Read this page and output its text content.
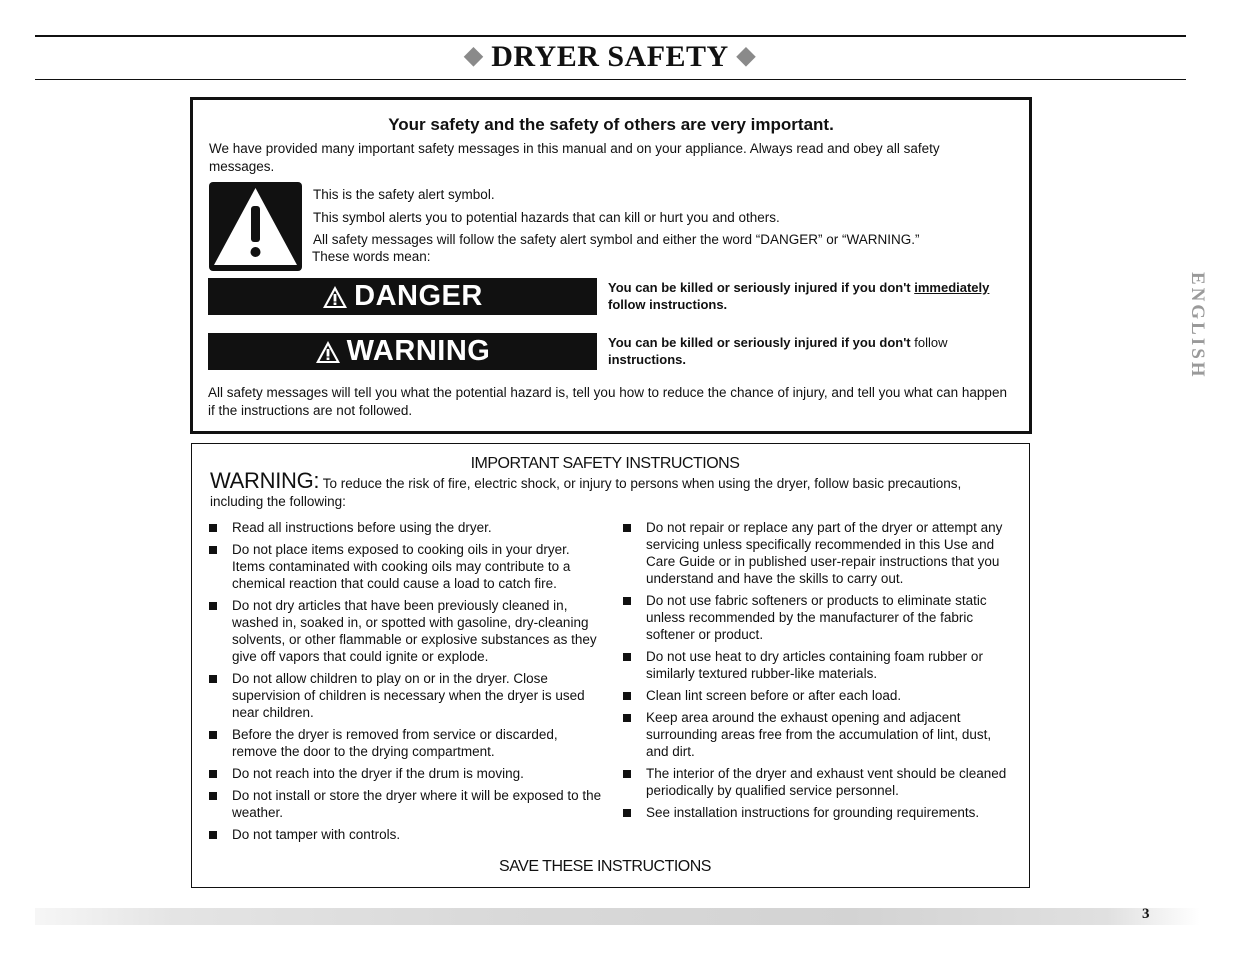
◆ DRYER SAFETY ◆
ENGLISH
Your safety and the safety of others are very important.
We have provided many important safety messages in this manual and on your appliance. Always read and obey all safety messages.
This is the safety alert symbol.
This symbol alerts you to potential hazards that can kill or hurt you and others.
All safety messages will follow the safety alert symbol and either the word “DANGER” or “WARNING.”
These words mean:
DANGER	You can be killed or seriously injured if you don't immediately follow instructions.
WARNING	You can be killed or seriously injured if you don't follow instructions.
All safety messages will tell you what the potential hazard is, tell you how to reduce the chance of injury, and tell you what can happen if the instructions are not followed.
IMPORTANT SAFETY INSTRUCTIONS
WARNING: To reduce the risk of fire, electric shock, or injury to persons when using the dryer, follow basic precautions, including the following:
Read all instructions before using the dryer.
Do not place items exposed to cooking oils in your dryer. Items contaminated with cooking oils may contribute to a chemical reaction that could cause a load to catch fire.
Do not dry articles that have been previously cleaned in, washed in, soaked in, or spotted with gasoline, dry-cleaning solvents, or other flammable or explosive substances as they give off vapors that could ignite or explode.
Do not allow children to play on or in the dryer. Close supervision of children is necessary when the dryer is used near children.
Before the dryer is removed from service or discarded, remove the door to the drying compartment.
Do not reach into the dryer if the drum is moving.
Do not install or store the dryer where it will be exposed to the weather.
Do not tamper with controls.
Do not repair or replace any part of the dryer or attempt any servicing unless specifically recommended in this Use and Care Guide or in published user-repair instructions that you understand and have the skills to carry out.
Do not use fabric softeners or products to eliminate static unless recommended by the manufacturer of the fabric softener or product.
Do not use heat to dry articles containing foam rubber or similarly textured rubber-like materials.
Clean lint screen before or after each load.
Keep area around the exhaust opening and adjacent surrounding areas free from the accumulation of lint, dust, and dirt.
The interior of the dryer and exhaust vent should be cleaned periodically by qualified service personnel.
See installation instructions for grounding requirements.
SAVE THESE INSTRUCTIONS
3
